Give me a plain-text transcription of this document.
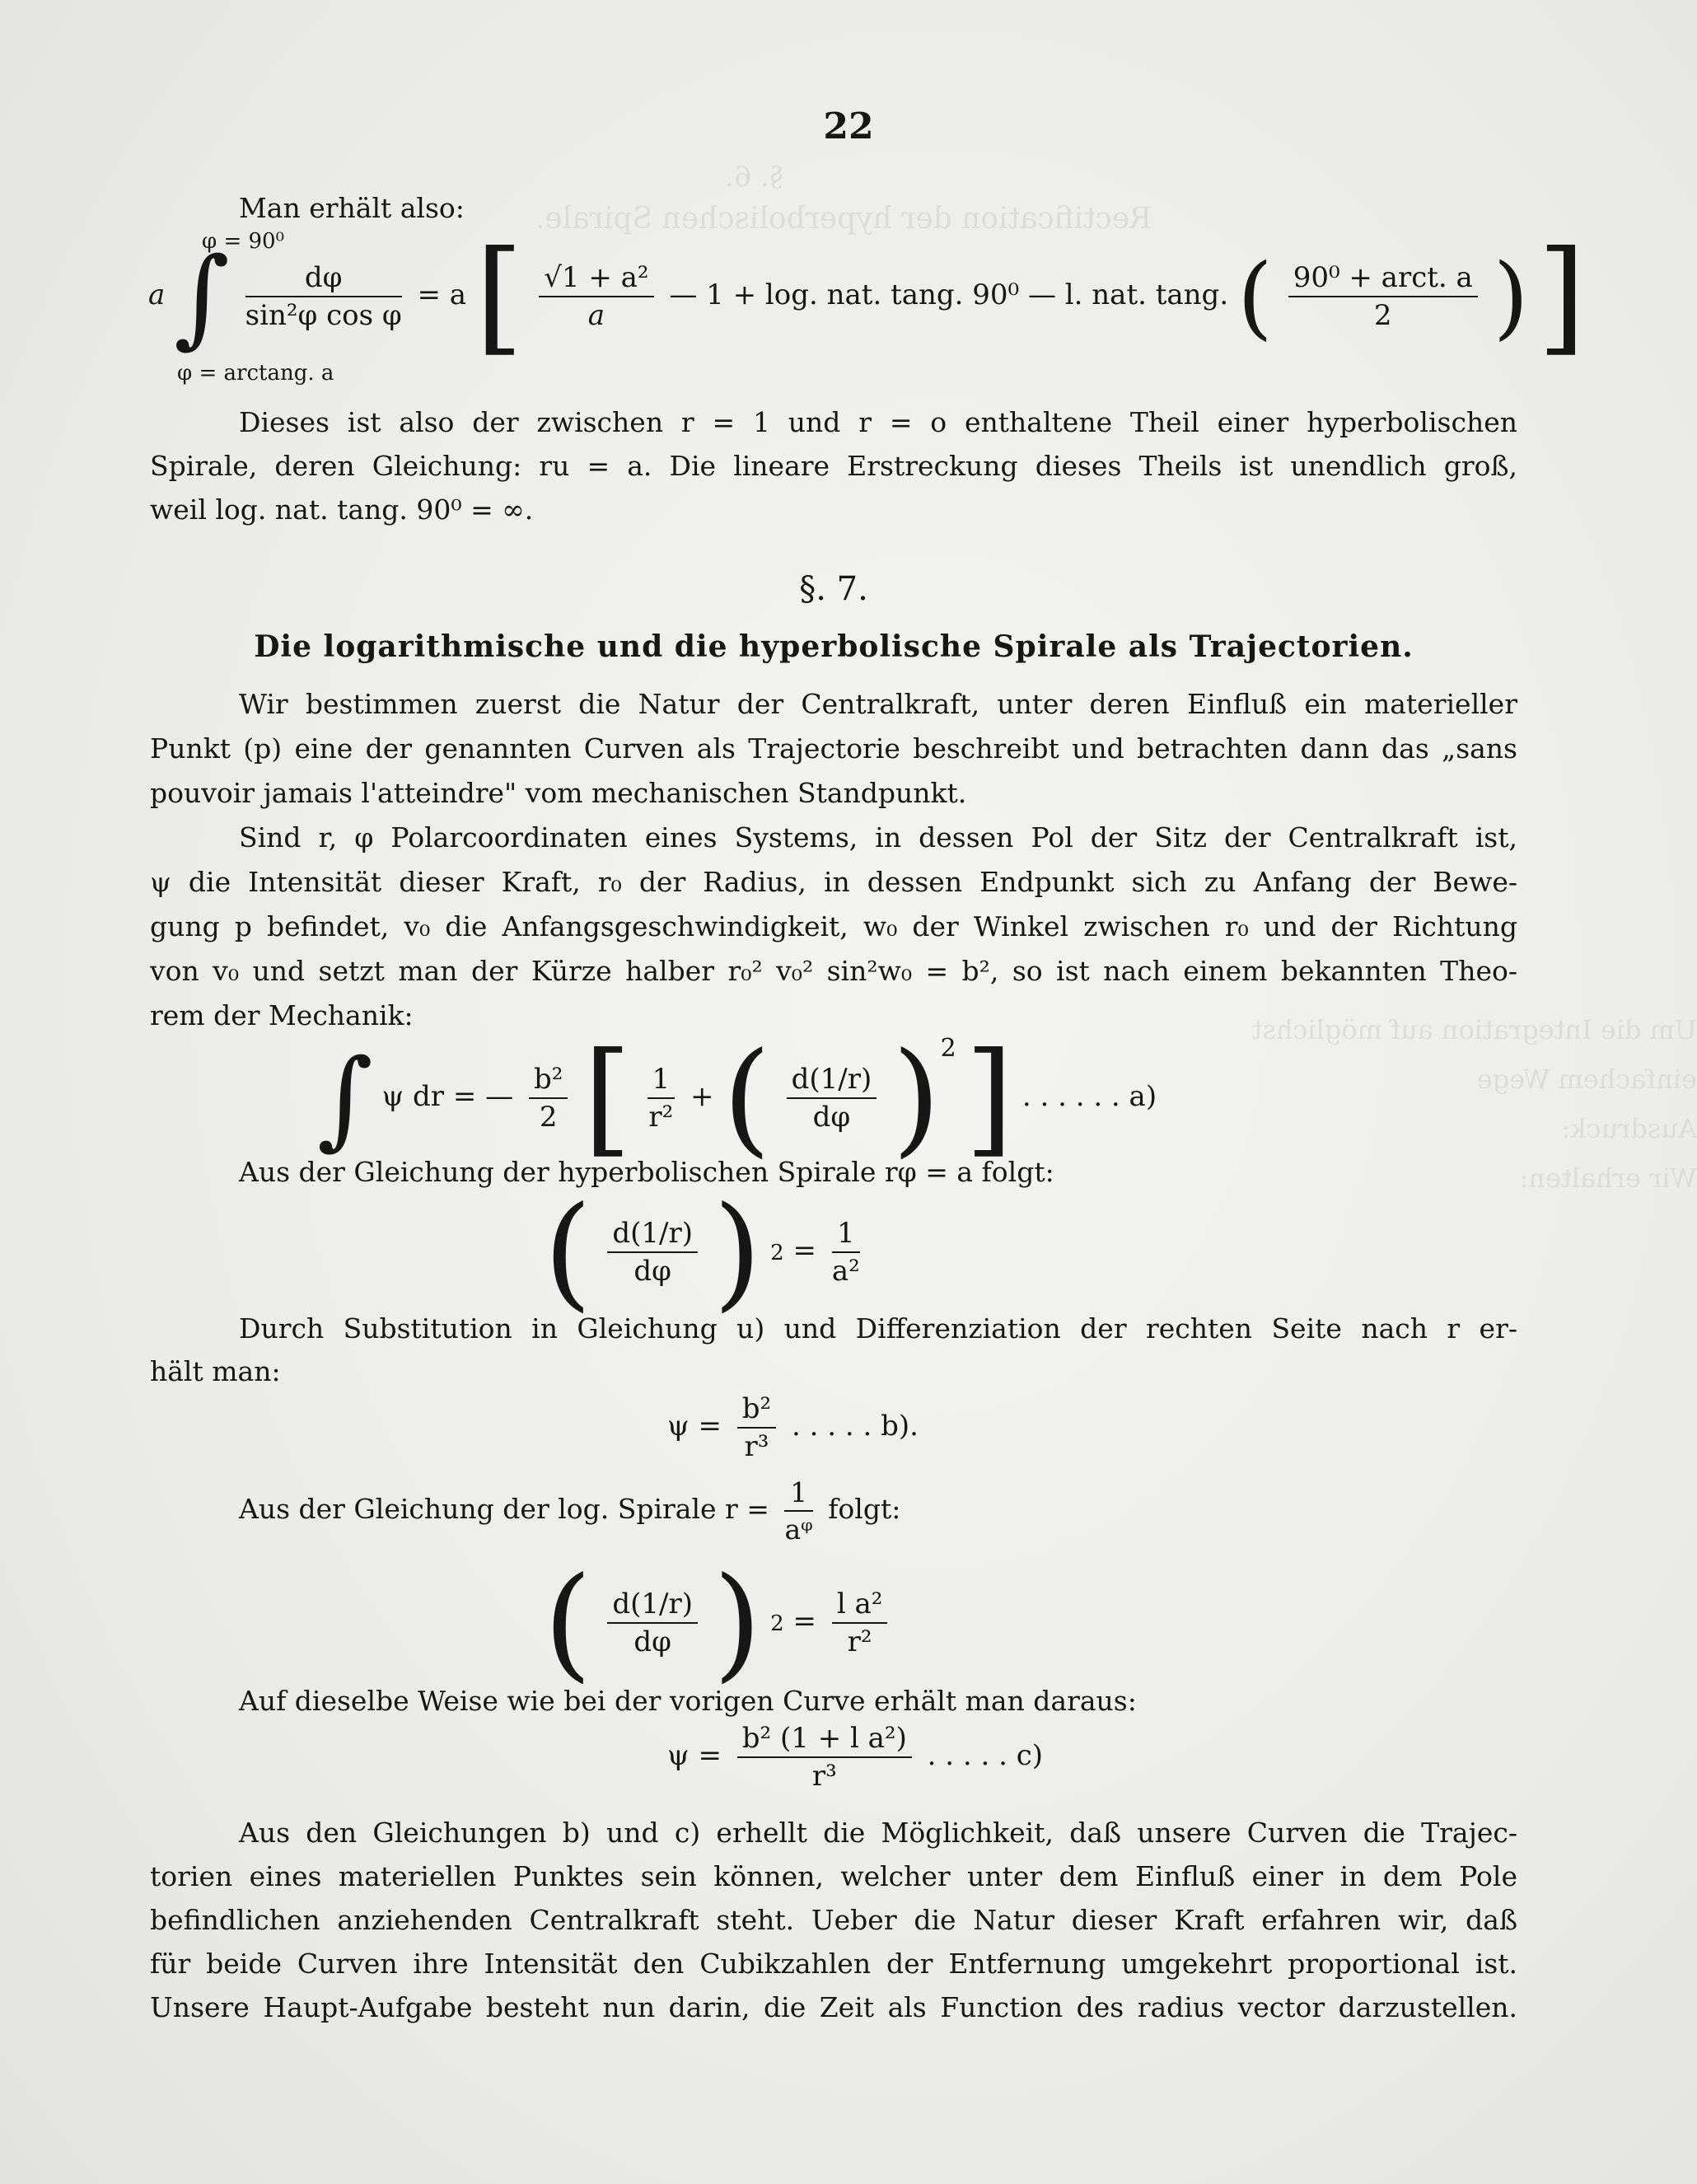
§. 6.
Rectification der hyperbolischen Spirale.
Um die Integration auf möglichst einfachem Wege
Ausdruck:
Wir erhalten:
22
Man erhält also:
a ∫ $\frac{d\varphi}{\text{sin²φ cos φ}} = a$ [ $\frac{\text{√1 + a²}}{a}$ — 1 + log. nat. tang. 90⁰ — l. nat. tang. ( $\frac{\text{90⁰ + arct. a}}{2}$ ) ]
φ = 90⁰
φ = arctang. a
Dieses ist also der zwischen r = 1 und r = o enthaltene Theil einer hyperbolischen
Spirale, deren Gleichung: ru = a. Die lineare Erstreckung dieses Theils ist unendlich groß,
weil log. nat. tang. 90⁰ = ∞.
§. 7.
Die logarithmische und die hyperbolische Spirale als Trajectorien.
Wir bestimmen zuerst die Natur der Centralkraft, unter deren Einfluß ein materieller
Punkt (p) eine der genannten Curven als Trajectorie beschreibt und betrachten dann das „sans
pouvoir jamais l'atteindre" vom mechanischen Standpunkt.
Sind r, φ Polarcoordinaten eines Systems, in dessen Pol der Sitz der Centralkraft ist,
ψ die Intensität dieser Kraft, r₀ der Radius, in dessen Endpunkt sich zu Anfang der Bewe-
gung p befindet, v₀ die Anfangsgeschwindigkeit, w₀ der Winkel zwischen r₀ und der Richtung
von v₀ und setzt man der Kürze halber r₀² v₀² sin²w₀ = b², so ist nach einem bekannten Theo-
rem der Mechanik:
∫ ψ dr = — $\frac{\text{b²}}{2}$ [ $\frac{1}{\text{r²}}$ + ( $\frac{d(1/r)}{d\varphi} )^2$ ] . . . . . . a)
Aus der Gleichung der hyperbolischen Spirale rφ = a folgt:
( $\frac{d(1/r)}{d\varphi}$ ) $2 = \frac{1}{\text{a²}}$
Durch Substitution in Gleichung u) und Differenziation der rechten Seite nach r er-
hält man:
$\psi = \frac{\text{b²}}{\text{r³}}$ . . . . . b).
Aus der Gleichung der log. Spirale $r = \frac{1}{\text{aᵠ}} folgt$:
( $\frac{d(1/r)}{d\varphi}$ ) $2 = \frac{\text{l a²}}{\text{r²}}$
Auf dieselbe Weise wie bei der vorigen Curve erhält man daraus:
$\psi = \frac{\text{b² (1 + l a²)}}{\text{r³}}$ . . . . . c)
Aus den Gleichungen b) und c) erhellt die Möglichkeit, daß unsere Curven die Trajec-
torien eines materiellen Punktes sein können, welcher unter dem Einfluß einer in dem Pole
befindlichen anziehenden Centralkraft steht. Ueber die Natur dieser Kraft erfahren wir, daß
für beide Curven ihre Intensität den Cubikzahlen der Entfernung umgekehrt proportional ist.
Unsere Haupt-Aufgabe besteht nun darin, die Zeit als Function des radius vector darzustellen.
